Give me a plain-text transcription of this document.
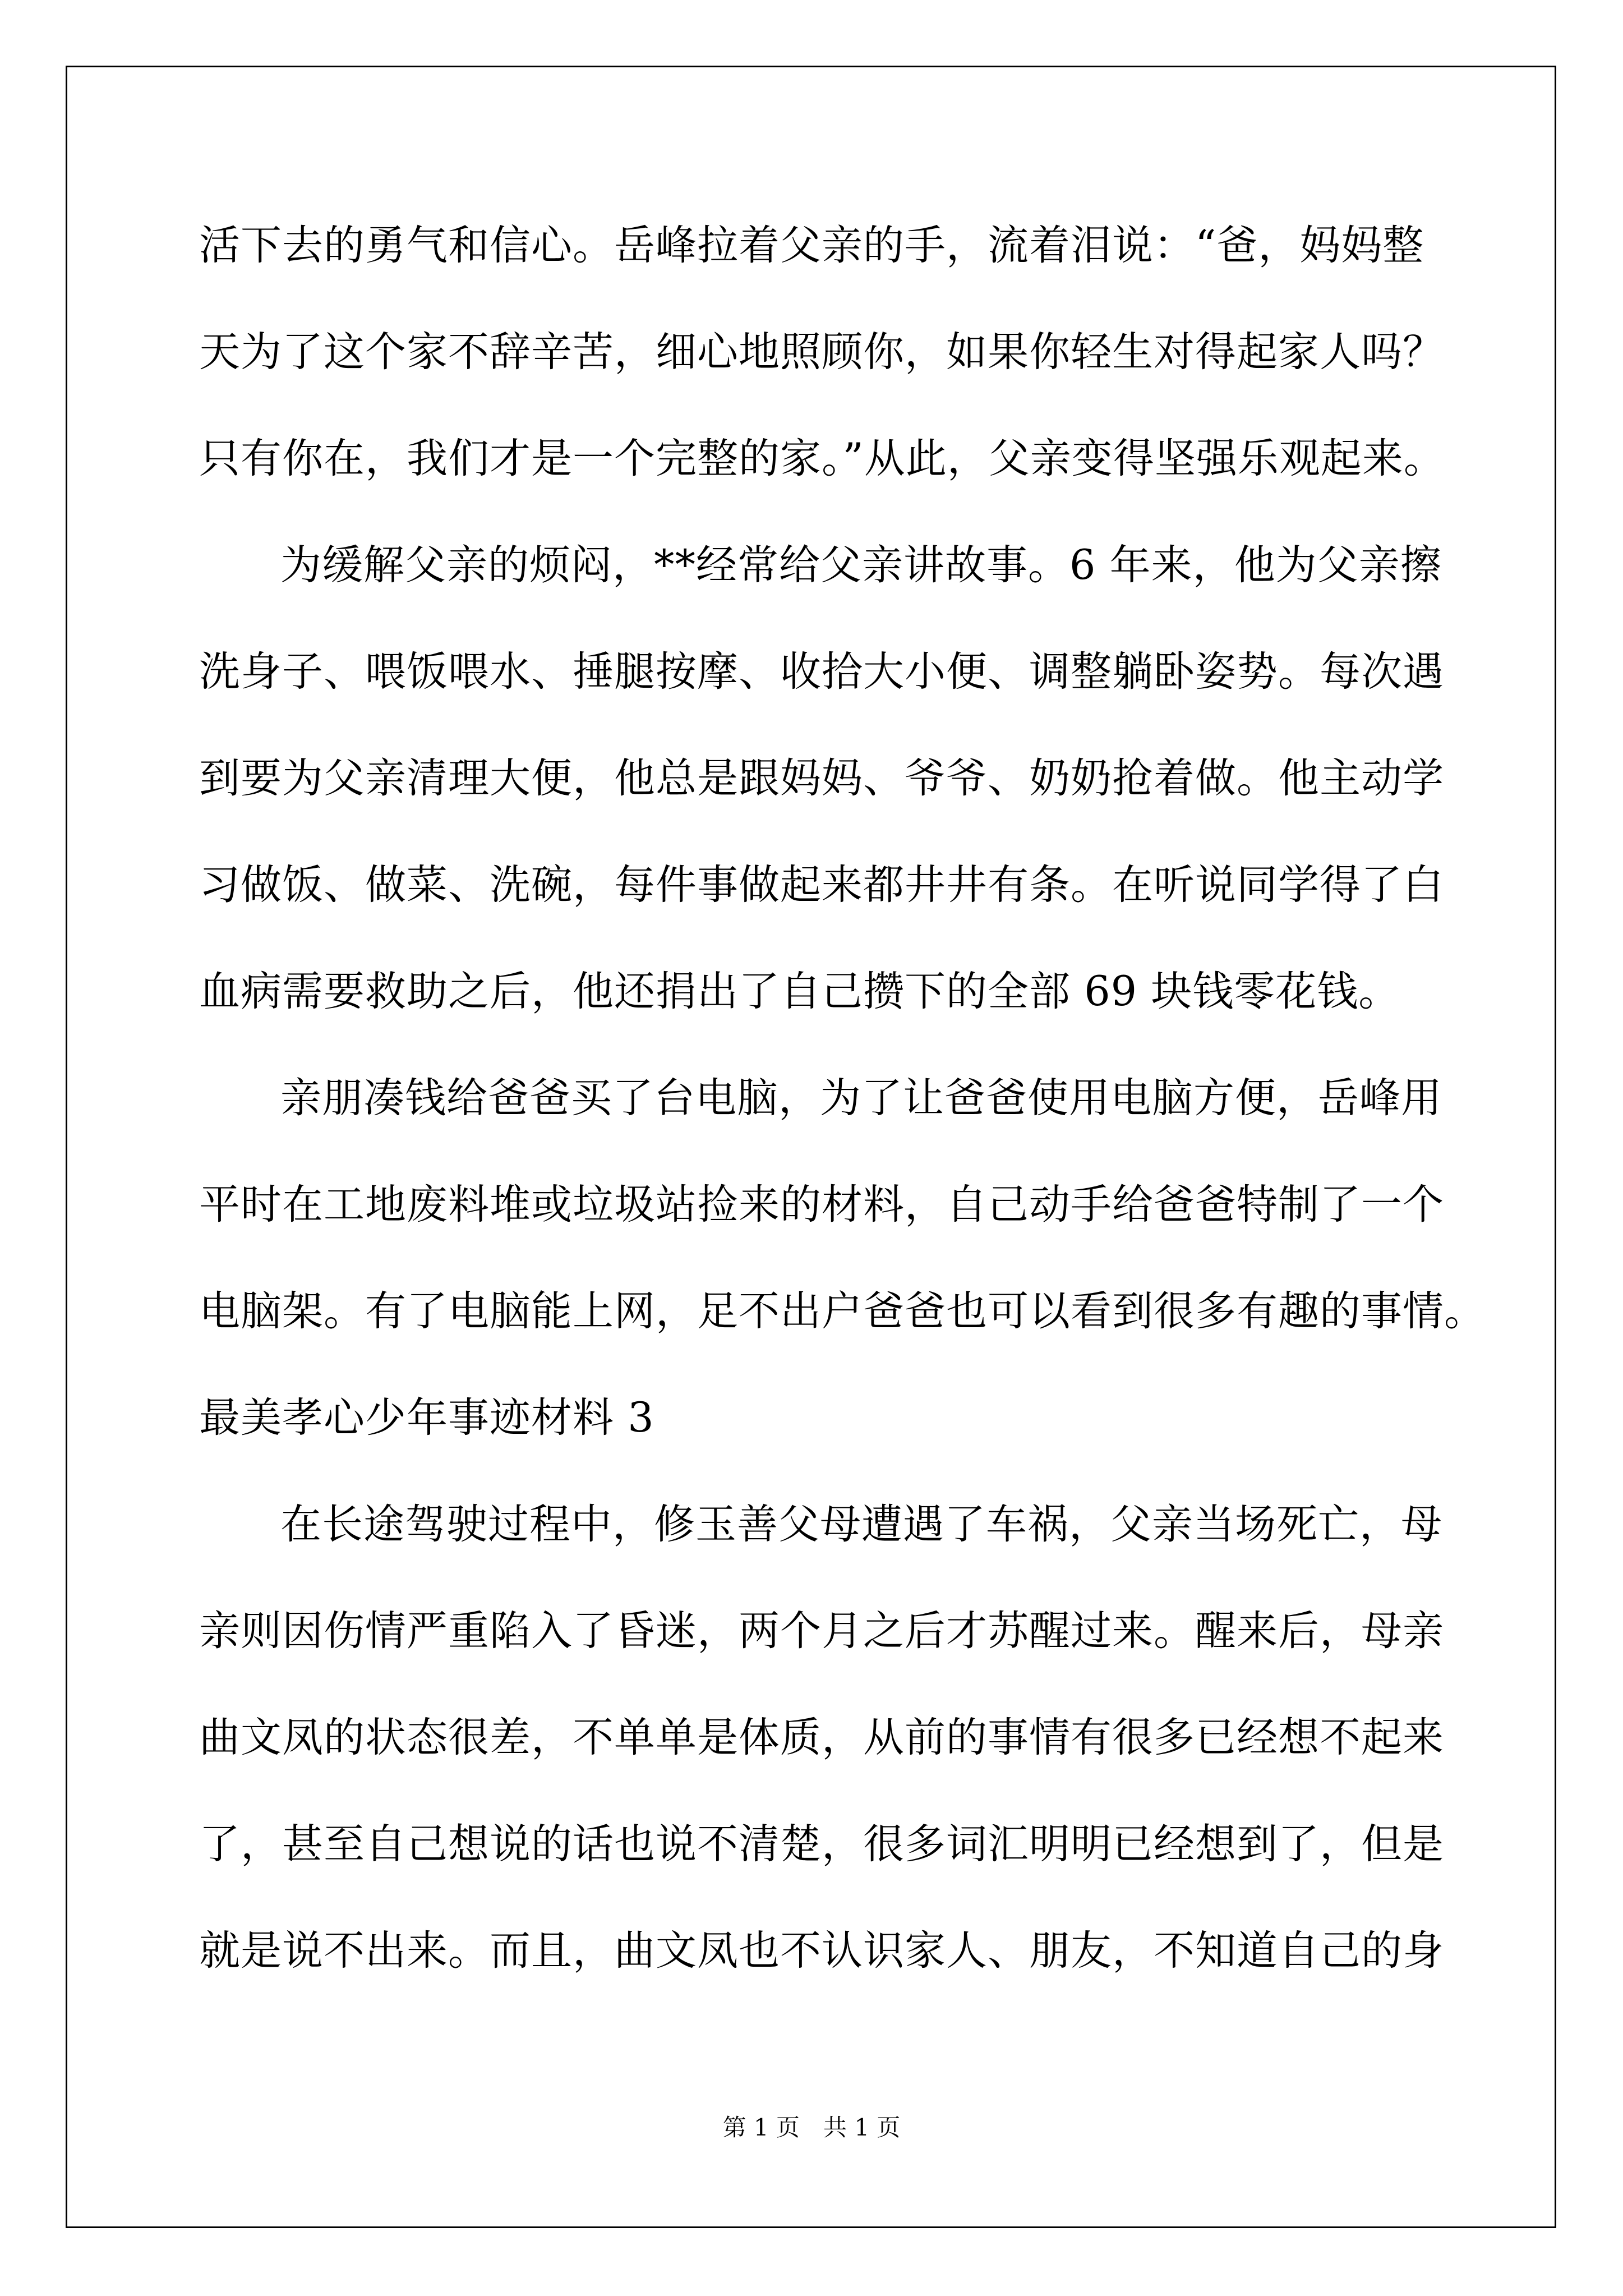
活下去的勇气和信心。岳峰拉着父亲的手，流着泪说：“爸，妈妈整
天为了这个家不辞辛苦，细心地照顾你，如果你轻生对得起家人吗？
只有你在，我们才是一个完整的家。”从此，父亲变得坚强乐观起来。
为缓解父亲的烦闷，**经常给父亲讲故事。6 年来，他为父亲擦
洗身子、喂饭喂水、捶腿按摩、收拾大小便、调整躺卧姿势。每次遇
到要为父亲清理大便，他总是跟妈妈、爷爷、奶奶抢着做。他主动学
习做饭、做菜、洗碗，每件事做起来都井井有条。在听说同学得了白
血病需要救助之后，他还捐出了自己攒下的全部 69 块钱零花钱。
亲朋凑钱给爸爸买了台电脑，为了让爸爸使用电脑方便，岳峰用
平时在工地废料堆或垃圾站捡来的材料，自己动手给爸爸特制了一个
电脑架。有了电脑能上网，足不出户爸爸也可以看到很多有趣的事情。
最美孝心少年事迹材料 3
在长途驾驶过程中，修玉善父母遭遇了车祸，父亲当场死亡，母
亲则因伤情严重陷入了昏迷，两个月之后才苏醒过来。醒来后，母亲
曲文凤的状态很差，不单单是体质，从前的事情有很多已经想不起来
了，甚至自己想说的话也说不清楚，很多词汇明明已经想到了，但是
就是说不出来。而且，曲文凤也不认识家人、朋友，不知道自己的身
第 1 页　共 1 页
